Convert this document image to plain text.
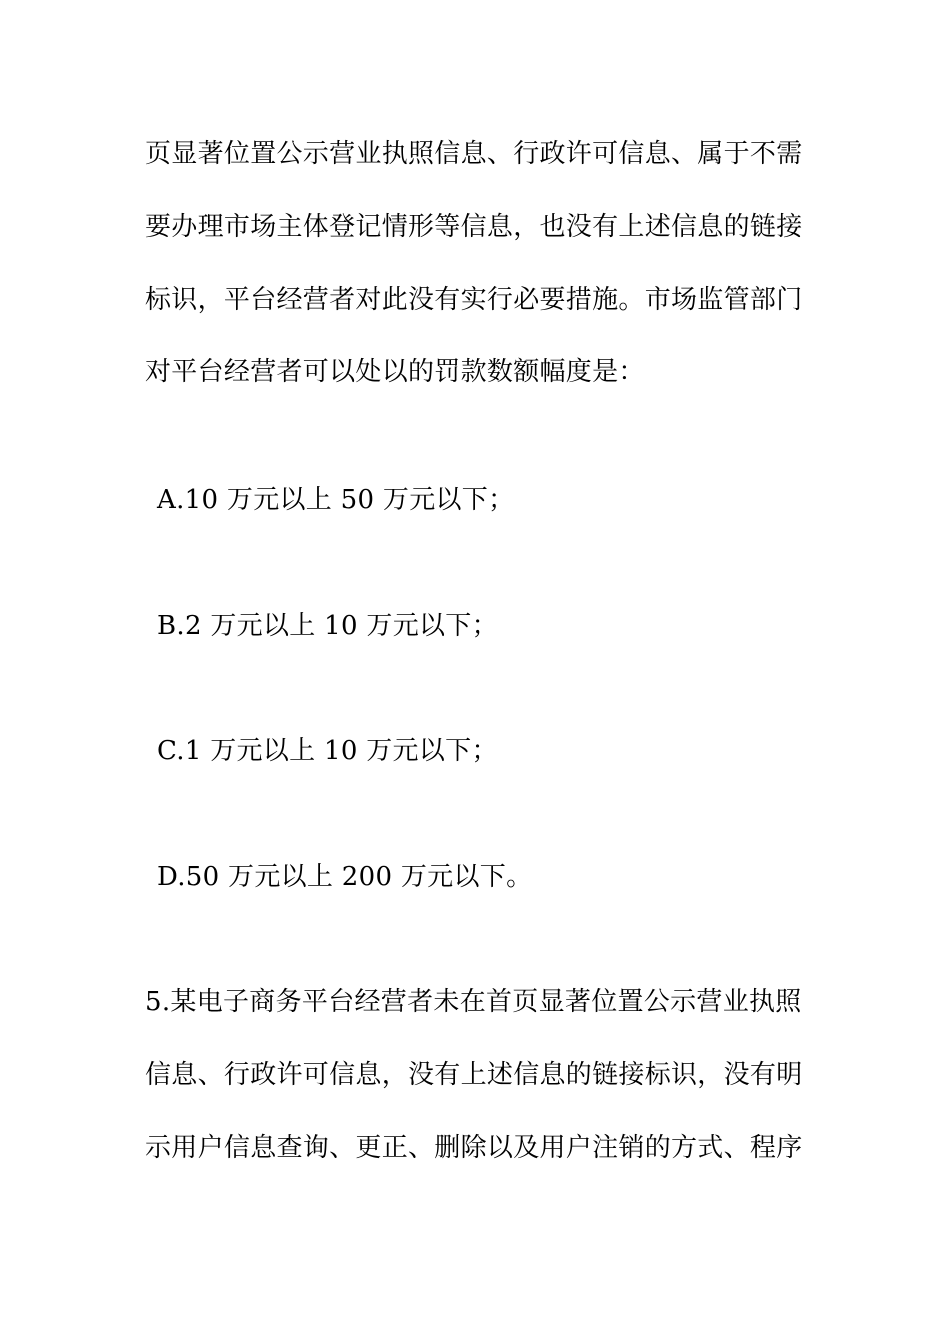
页显著位置公示营业执照信息、行政许可信息、属于不需
要办理市场主体登记情形等信息，也没有上述信息的链接
标识，平台经营者对此没有实行必要措施。市场监管部门
对平台经营者可以处以的罚款数额幅度是：
A.10 万元以上 50 万元以下；
B.2 万元以上 10 万元以下；
C.1 万元以上 10 万元以下；
D.50 万元以上 200 万元以下。
5.某电子商务平台经营者未在首页显著位置公示营业执照
信息、行政许可信息，没有上述信息的链接标识，没有明
示用户信息查询、更正、删除以及用户注销的方式、程序
